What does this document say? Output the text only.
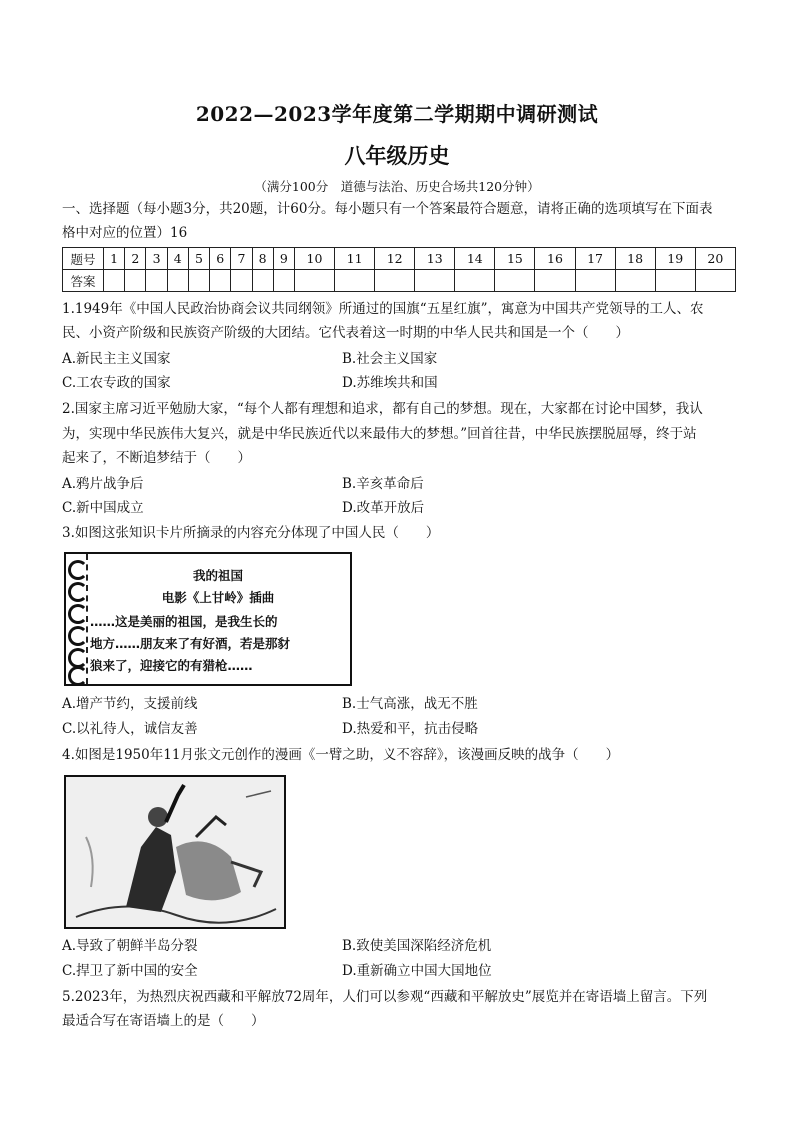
2022—2023学年度第二学期期中调研测试
八年级历史
（满分100分　道德与法治、历史合场共120分钟）
一、选择题（每小题3分，共20题，计60分。每小题只有一个答案最符合题意，请将正确的选项填写在下面表
格中对应的位置）16
题号	1	2	3	4	5	6	7	8	9	10	11	12	13	14	15	16	17	18	19	20
答案																				
1.1949年《中国人民政治协商会议共同纲领》所通过的国旗“五星红旗”，寓意为中国共产党领导的工人、农
民、小资产阶级和民族资产阶级的大团结。它代表着这一时期的中华人民共和国是一个（　　）
A.新民主主义国家	B.社会主义国家
C.工农专政的国家	D.苏维埃共和国
2.国家主席习近平勉励大家，“每个人都有理想和追求，都有自己的梦想。现在，大家都在讨论中国梦，我认
为，实现中华民族伟大复兴，就是中华民族近代以来最伟大的梦想。”回首往昔，中华民族摆脱屈辱，终于站
起来了，不断追梦结于（　　）
A.鸦片战争后	B.辛亥革命后
C.新中国成立	D.改革开放后
3.如图这张知识卡片所摘录的内容充分体现了中国人民（　　）
我的祖国
电影《上甘岭》插曲
……这是美丽的祖国，是我生长的
地方……朋友来了有好酒，若是那豺
狼来了，迎接它的有猎枪……
A.增产节约，支援前线	B.士气高涨，战无不胜
C.以礼待人，诚信友善	D.热爱和平，抗击侵略
4.如图是1950年11月张文元创作的漫画《一臂之助，义不容辞》，该漫画反映的战争（　　）
A.导致了朝鲜半岛分裂	B.致使美国深陷经济危机
C.捍卫了新中国的安全	D.重新确立中国大国地位
5.2023年，为热烈庆祝西藏和平解放72周年，人们可以参观“西藏和平解放史”展览并在寄语墙上留言。下列
最适合写在寄语墙上的是（　　）
